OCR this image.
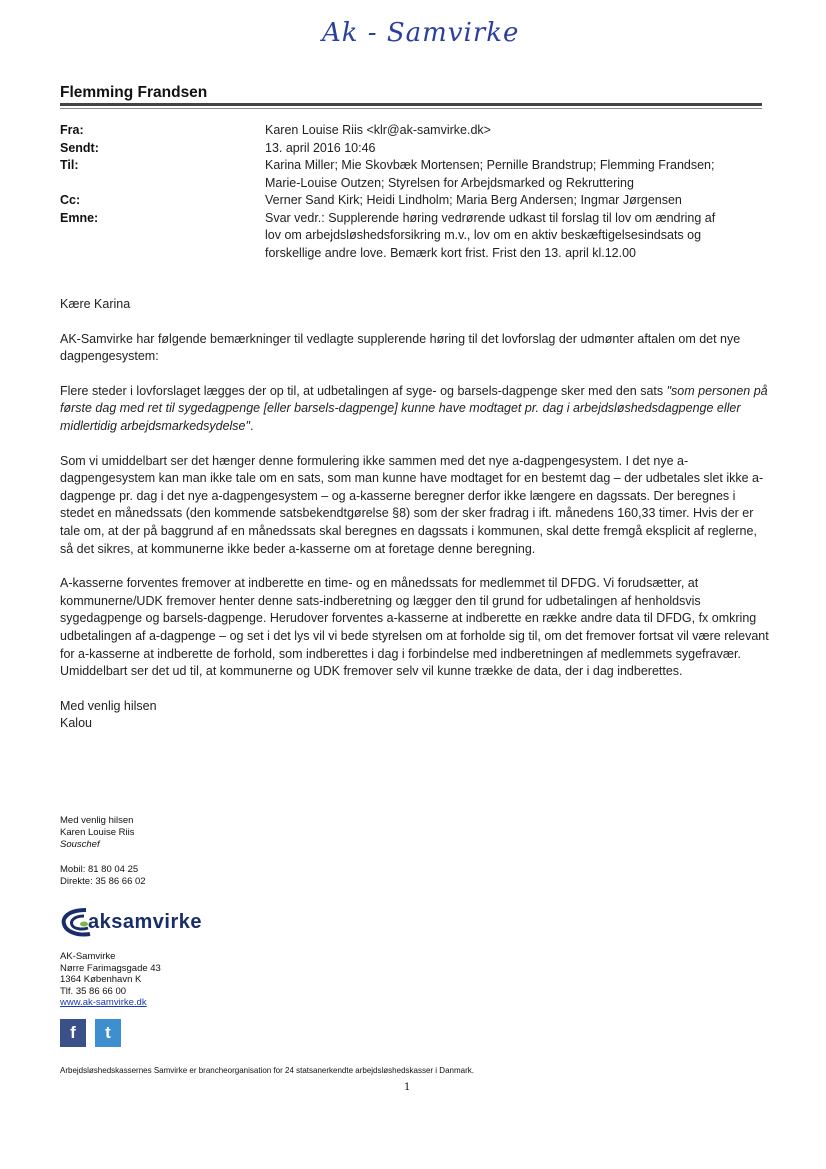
Ak - Samvirke
Flemming Frandsen
Fra:	Karen Louise Riis <klr@ak-samvirke.dk>
Sendt:	13. april 2016 10:46
Til:	Karina Miller; Mie Skovbæk Mortensen; Pernille Brandstrup; Flemming Frandsen;
Marie-Louise Outzen; Styrelsen for Arbejdsmarked og Rekruttering
Cc:	Verner Sand Kirk; Heidi Lindholm; Maria Berg Andersen; Ingmar Jørgensen
Emne:	Svar vedr.: Supplerende høring vedrørende udkast til forslag til lov om ændring af
lov om arbejdsløshedsforsikring m.v., lov om en aktiv beskæftigelsesindsats og
forskellige andre love. Bemærk kort frist. Frist den 13. april kl.12.00

Kære Karina

AK-Samvirke har følgende bemærkninger til vedlagte supplerende høring til det lovforslag der udmønter aftalen om det nye dagpengesystem:

Flere steder i lovforslaget lægges der op til, at udbetalingen af syge- og barsels-dagpenge sker med den sats "som personen på første dag med ret til sygedagpenge [eller barsels-dagpenge] kunne have modtaget pr. dag i arbejdsløshedsdagpenge eller midlertidig arbejdsmarkedsydelse".

Som vi umiddelbart ser det hænger denne formulering ikke sammen med det nye a-dagpengesystem. I det nye a-dagpengesystem kan man ikke tale om en sats, som man kunne have modtaget for en bestemt dag – der udbetales slet ikke a-dagpenge pr. dag i det nye a-dagpengesystem – og a-kasserne beregner derfor ikke længere en dagssats. Der beregnes i stedet en månedssats (den kommende satsbekendtgørelse §8) som der sker fradrag i ift. månedens 160,33 timer. Hvis der er tale om, at der på baggrund af en månedssats skal beregnes en dagssats i kommunen, skal dette fremgå eksplicit af reglerne, så det sikres, at kommunerne ikke beder a-kasserne om at foretage denne beregning.

A-kasserne forventes fremover at indberette en time- og en månedssats for medlemmet til DFDG. Vi forudsætter, at kommunerne/UDK fremover henter denne sats-indberetning og lægger den til grund for udbetalingen af henholdsvis sygedagpenge og barsels-dagpenge. Herudover forventes a-kasserne at indberette en række andre data til DFDG, fx omkring udbetalingen af a-dagpenge – og set i det lys vil vi bede styrelsen om at forholde sig til, om det fremover fortsat vil være relevant for a-kasserne at indberette de forhold, som indberettes i dag i forbindelse med indberetningen af medlemmets sygefravær. Umiddelbart ser det ud til, at kommunerne og UDK fremover selv vil kunne trække de data, der i dag indberettes.

Med venlig hilsen

Kalou

Med venlig hilsen
Karen Louise Riis
Souschef
Mobil: 81 80 04 25
Direkte: 35 86 66 02
aksamvirke
AK-Samvirke
Nørre Farimagsgade 43
1364 København K
Tlf. 35 86 66 00
www.ak-samvirke.dk
f	t
Arbejdsløshedskassernes Samvirke er brancheorganisation for 24 statsanerkendte arbejdsløshedskasser i Danmark.
1
